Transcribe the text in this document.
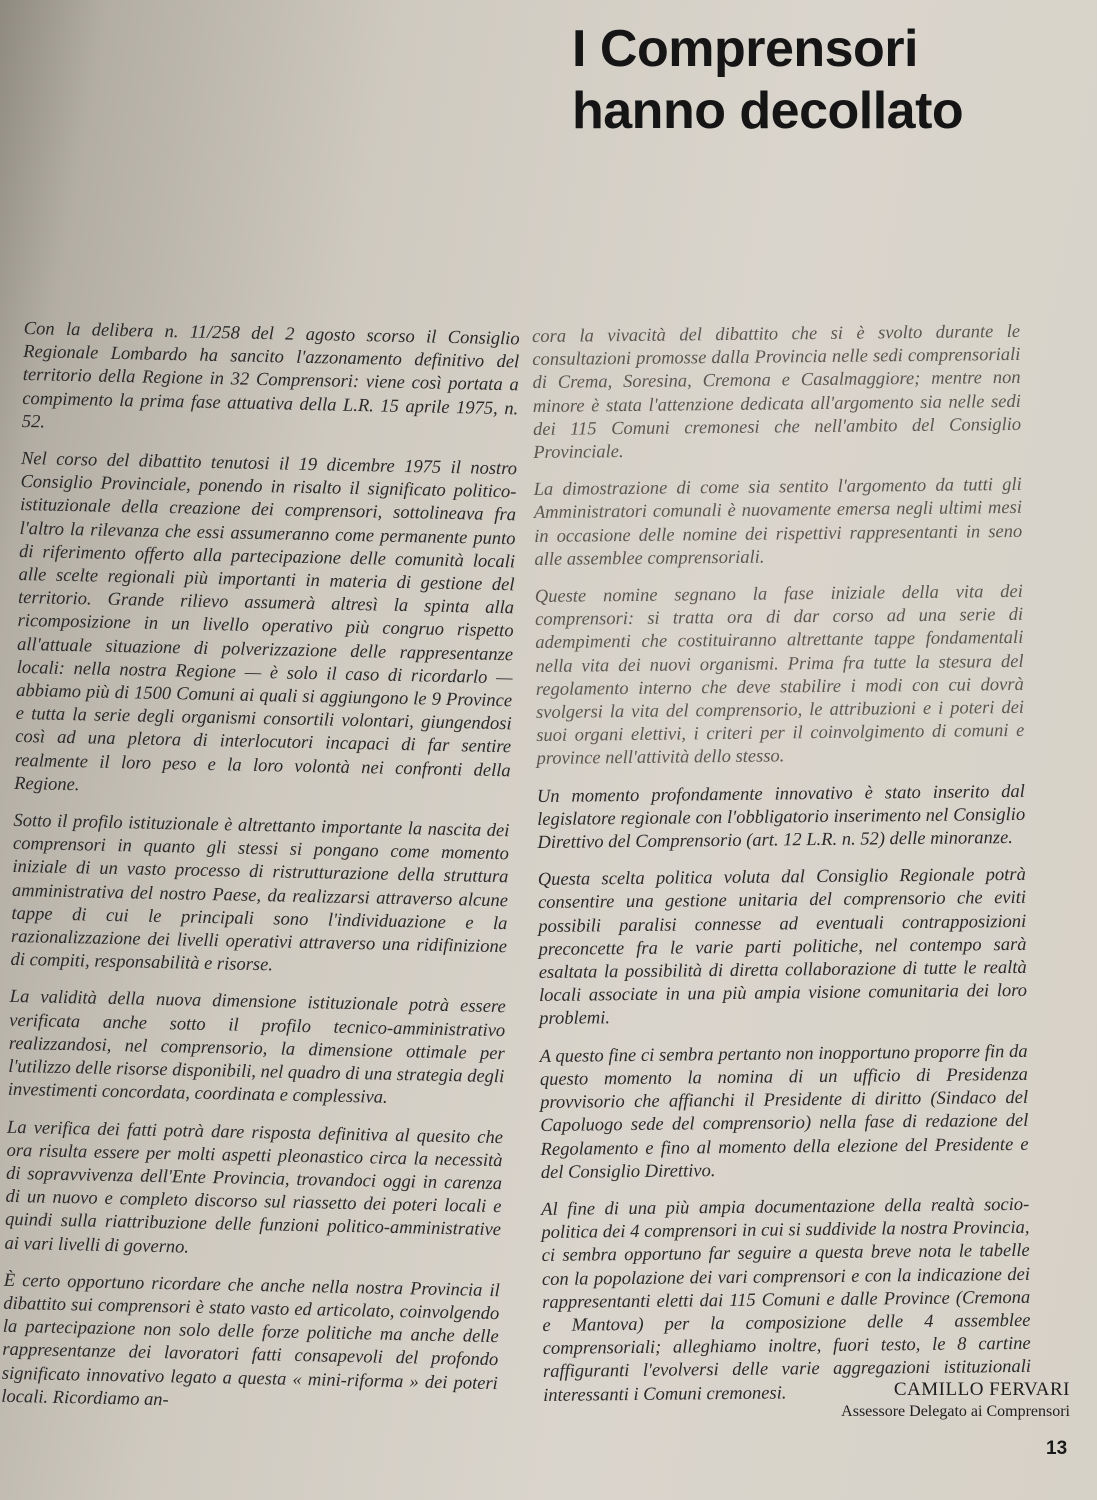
I Comprensori
hanno decollato

Con la delibera n. 11/258 del 2 agosto scorso il Consiglio Regionale Lombardo ha sancito l'azzonamento definitivo del territorio della Regione in 32 Comprensori: viene così portata a compimento la prima fase attuativa della L.R. 15 aprile 1975, n. 52.

Nel corso del dibattito tenutosi il 19 dicembre 1975 il nostro Consiglio Provinciale, ponendo in risalto il significato politico-istituzionale della creazione dei comprensori, sottolineava fra l'altro la rilevanza che essi assumeranno come permanente punto di riferimento offerto alla partecipazione delle comunità locali alle scelte regionali più importanti in materia di gestione del territorio. Grande rilievo assumerà altresì la spinta alla ricomposizione in un livello operativo più congruo rispetto all'attuale situazione di polverizzazione delle rappresentanze locali: nella nostra Regione — è solo il caso di ricordarlo — abbiamo più di 1500 Comuni ai quali si aggiungono le 9 Province e tutta la serie degli organismi consortili volontari, giungendosi così ad una pletora di interlocutori incapaci di far sentire realmente il loro peso e la loro volontà nei confronti della Regione.

Sotto il profilo istituzionale è altrettanto importante la nascita dei comprensori in quanto gli stessi si pongano come momento iniziale di un vasto processo di ristrutturazione della struttura amministrativa del nostro Paese, da realizzarsi attraverso alcune tappe di cui le principali sono l'individuazione e la razionalizzazione dei livelli operativi attraverso una ridifinizione di compiti, responsabilità e risorse.

La validità della nuova dimensione istituzionale potrà essere verificata anche sotto il profilo tecnico-amministrativo realizzandosi, nel comprensorio, la dimensione ottimale per l'utilizzo delle risorse disponibili, nel quadro di una strategia degli investimenti concordata, coordinata e complessiva.

La verifica dei fatti potrà dare risposta definitiva al quesito che ora risulta essere per molti aspetti pleonastico circa la necessità di sopravvivenza dell'Ente Provincia, trovandoci oggi in carenza di un nuovo e completo discorso sul riassetto dei poteri locali e quindi sulla riattribuzione delle funzioni politico-amministrative ai vari livelli di governo.

È certo opportuno ricordare che anche nella nostra Provincia il dibattito sui comprensori è stato vasto ed articolato, coinvolgendo la partecipazione non solo delle forze politiche ma anche delle rappresentanze dei lavoratori fatti consapevoli del profondo significato innovativo legato a questa « mini-riforma » dei poteri locali. Ricordiamo an-

cora la vivacità del dibattito che si è svolto durante le consultazioni promosse dalla Provincia nelle sedi comprensoriali di Crema, Soresina, Cremona e Casalmaggiore; mentre non minore è stata l'attenzione dedicata all'argomento sia nelle sedi dei 115 Comuni cremonesi che nell'ambito del Consiglio Provinciale.

La dimostrazione di come sia sentito l'argomento da tutti gli Amministratori comunali è nuovamente emersa negli ultimi mesi in occasione delle nomine dei rispettivi rappresentanti in seno alle assemblee comprensoriali.

Queste nomine segnano la fase iniziale della vita dei comprensori: si tratta ora di dar corso ad una serie di adempimenti che costituiranno altrettante tappe fondamentali nella vita dei nuovi organismi. Prima fra tutte la stesura del regolamento interno che deve stabilire i modi con cui dovrà svolgersi la vita del comprensorio, le attribuzioni e i poteri dei suoi organi elettivi, i criteri per il coinvolgimento di comuni e province nell'attività dello stesso.

Un momento profondamente innovativo è stato inserito dal legislatore regionale con l'obbligatorio inserimento nel Consiglio Direttivo del Comprensorio (art. 12 L.R. n. 52) delle minoranze.

Questa scelta politica voluta dal Consiglio Regionale potrà consentire una gestione unitaria del comprensorio che eviti possibili paralisi connesse ad eventuali contrapposizioni preconcette fra le varie parti politiche, nel contempo sarà esaltata la possibilità di diretta collaborazione di tutte le realtà locali associate in una più ampia visione comunitaria dei loro problemi.

A questo fine ci sembra pertanto non inopportuno proporre fin da questo momento la nomina di un ufficio di Presidenza provvisorio che affianchi il Presidente di diritto (Sindaco del Capoluogo sede del comprensorio) nella fase di redazione del Regolamento e fino al momento della elezione del Presidente e del Consiglio Direttivo.

Al fine di una più ampia documentazione della realtà socio-politica dei 4 comprensori in cui si suddivide la nostra Provincia, ci sembra opportuno far seguire a questa breve nota le tabelle con la popolazione dei vari comprensori e con la indicazione dei rappresentanti eletti dai 115 Comuni e dalle Province (Cremona e Mantova) per la composizione delle 4 assemblee comprensoriali; alleghiamo inoltre, fuori testo, le 8 cartine raffiguranti l'evolversi delle varie aggregazioni istituzionali interessanti i Comuni cremonesi.	CAMILLO FERVARI
Assessore Delegato ai Comprensori
13
